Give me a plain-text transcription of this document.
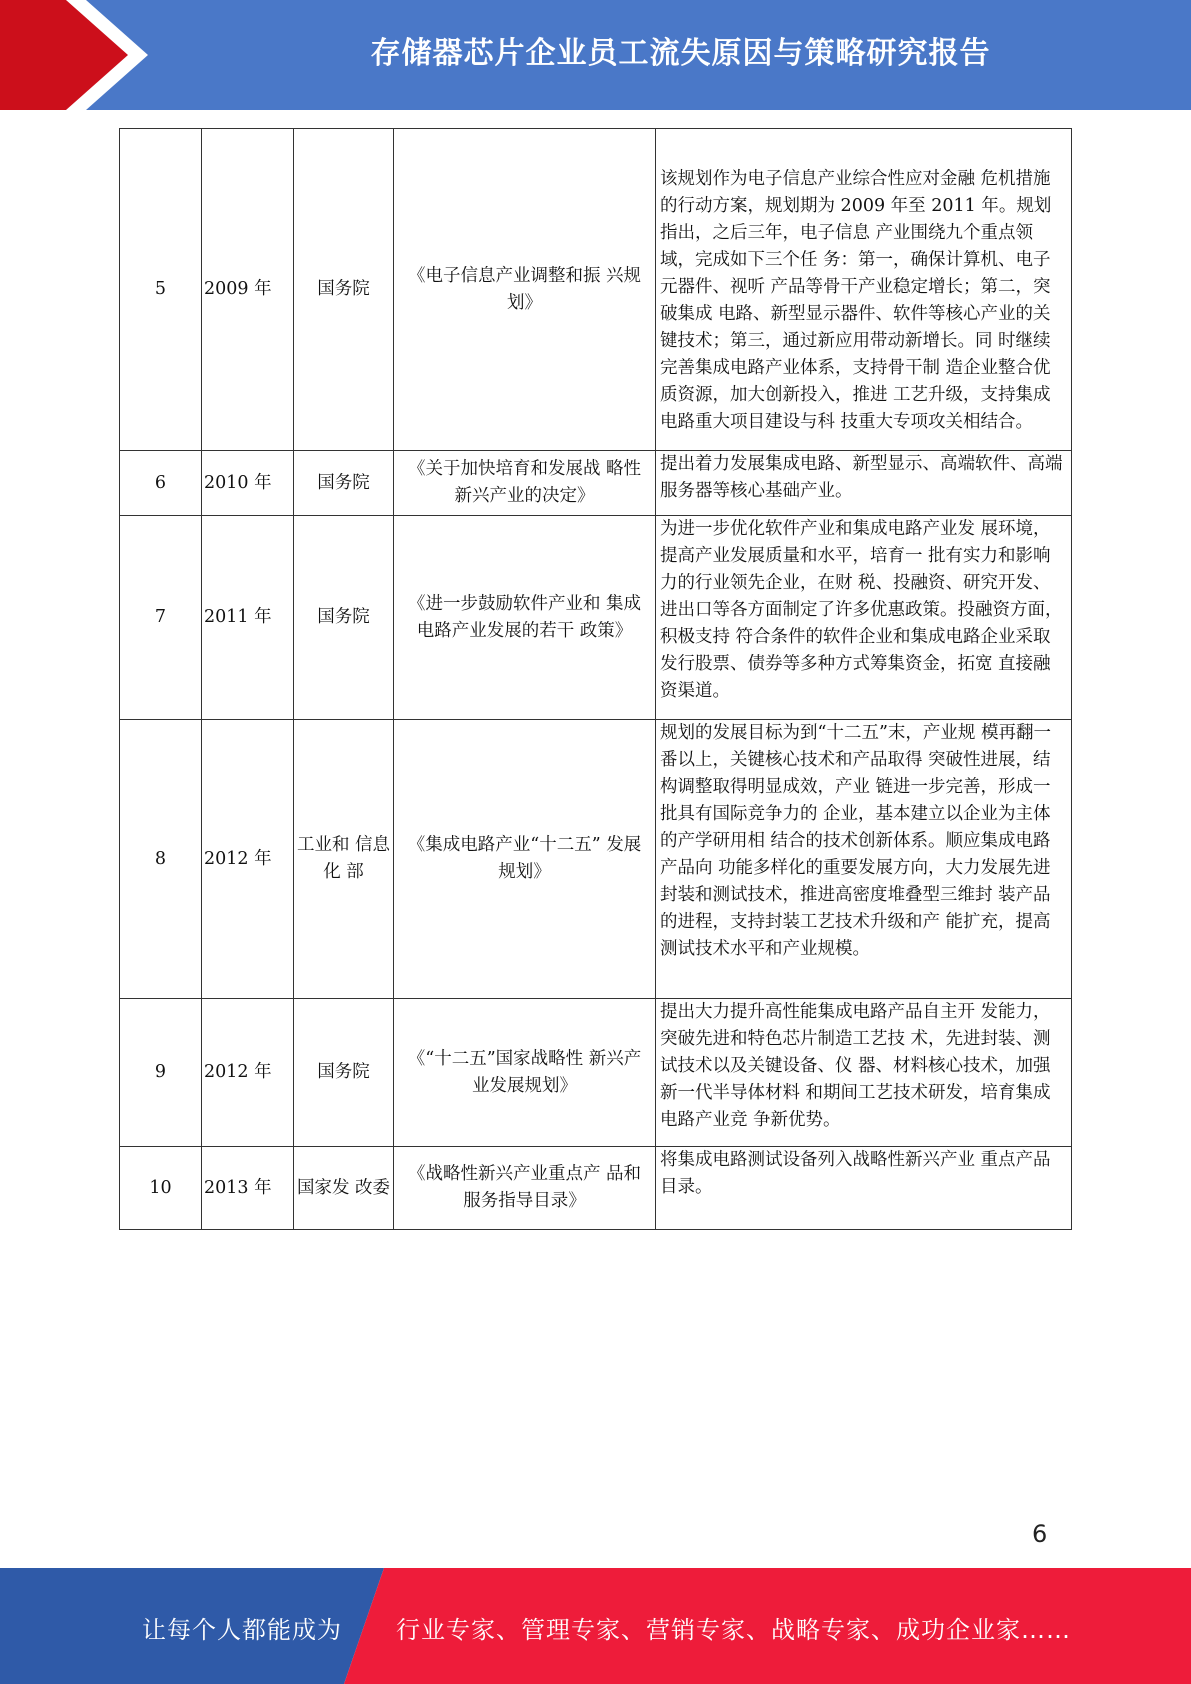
存储器芯片企业员工流失原因与策略研究报告
5	2009 年	国务院	《电子信息产业调整和振 兴规划》	该规划作为电子信息产业综合性应对金融 危机措施的行动方案，规划期为 2009 年至 2011 年。规划指出，之后三年，电子信息 产业围绕九个重点领域，完成如下三个任 务：第一，确保计算机、电子元器件、视听 产品等骨干产业稳定增长；第二，突破集成 电路、新型显示器件、软件等核心产业的关 键技术；第三，通过新应用带动新增长。同 时继续完善集成电路产业体系，支持骨干制 造企业整合优质资源，加大创新投入，推进 工艺升级，支持集成电路重大项目建设与科 技重大专项攻关相结合。
6	2010 年	国务院	《关于加快培育和发展战 略性新兴产业的决定》	提出着力发展集成电路、新型显示、高端软件、高端服务器等核心基础产业。
7	2011 年	国务院	《进一步鼓励软件产业和 集成电路产业发展的若干 政策》	为进一步优化软件产业和集成电路产业发 展环境，提高产业发展质量和水平，培育一 批有实力和影响力的行业领先企业，在财 税、投融资、研究开发、进出口等各方面制定了许多优惠政策。投融资方面，积极支持 符合条件的软件企业和集成电路企业采取 发行股票、债券等多种方式筹集资金，拓宽 直接融资渠道。
8	2012 年	工业和 信息化 部	《集成电路产业“十二五” 发展规划》	规划的发展目标为到“十二五”末，产业规 模再翻一番以上，关键核心技术和产品取得 突破性进展，结构调整取得明显成效，产业 链进一步完善，形成一批具有国际竞争力的 企业，基本建立以企业为主体的产学研用相 结合的技术创新体系。顺应集成电路产品向 功能多样化的重要发展方向，大力发展先进 封装和测试技术，推进高密度堆叠型三维封 装产品的进程，支持封装工艺技术升级和产 能扩充，提高测试技术水平和产业规模。
9	2012 年	国务院	《“十二五”国家战略性 新兴产业发展规划》	提出大力提升高性能集成电路产品自主开 发能力，突破先进和特色芯片制造工艺技 术，先进封装、测试技术以及关键设备、仪 器、材料核心技术，加强新一代半导体材料 和期间工艺技术研发，培育集成电路产业竞 争新优势。
10	2013 年	国家发 改委	《战略性新兴产业重点产 品和服务指导目录》	将集成电路测试设备列入战略性新兴产业 重点产品目录。
6
让每个人都能成为 行业专家、管理专家、营销专家、战略专家、成功企业家……
